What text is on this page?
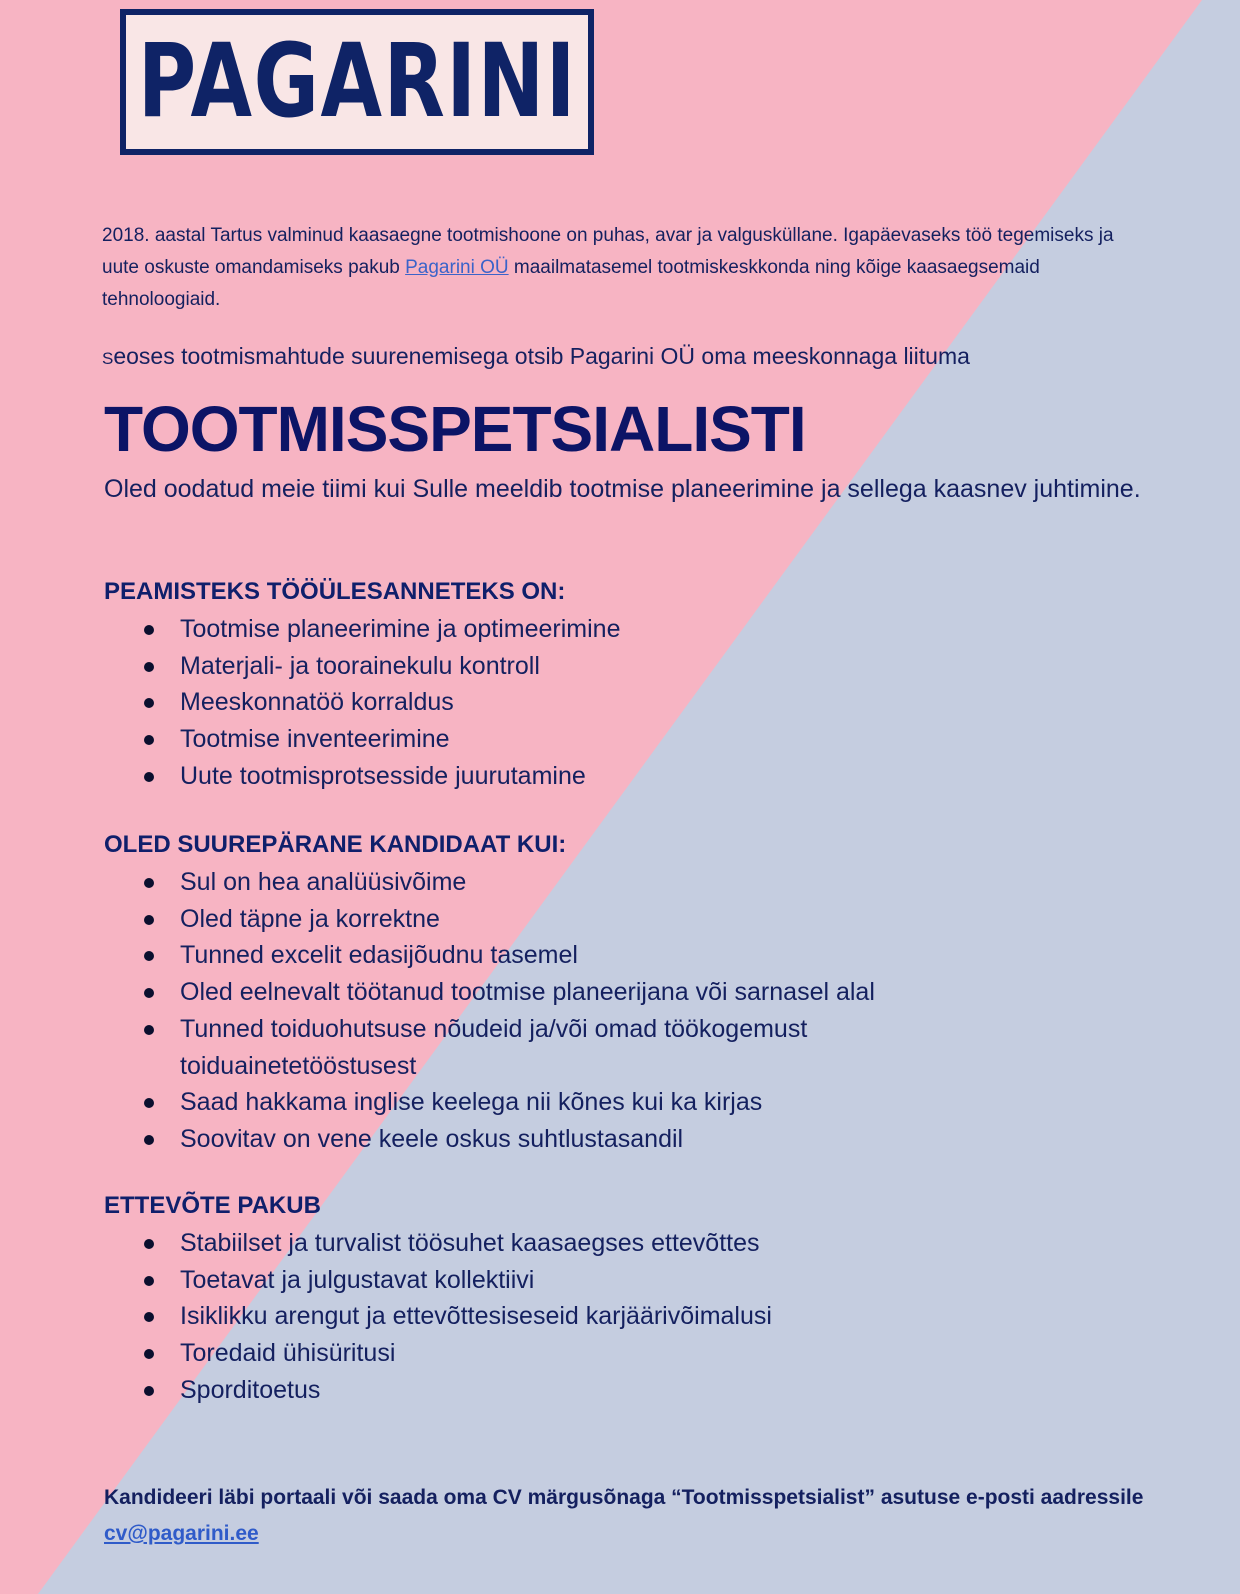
PAGARINI

2018. aastal Tartus valminud kaasaegne tootmishoone on puhas, avar ja valgusküllane. Igapäevaseks töö tegemiseks ja uute oskuste omandamiseks pakub Pagarini OÜ maailmatasemel tootmiskeskkonda ning kõige kaasaegsemaid tehnoloogiaid.

Seoses tootmismahtude suurenemisega otsib Pagarini OÜ oma meeskonnaga liituma
TOOTMISSPETSIALISTI
Oled oodatud meie tiimi kui Sulle meeldib tootmise planeerimine ja sellega kaasnev juhtimine.
PEAMISTEKS TÖÖÜLESANNETEKS ON:
Tootmise planeerimine ja optimeerimine
Materjali- ja toorainekulu kontroll
Meeskonnatöö korraldus
Tootmise inventeerimine
Uute tootmisprotsesside juurutamine
OLED SUUREPÄRANE KANDIDAAT KUI:
Sul on hea analüüsivõime
Oled täpne ja korrektne
Tunned excelit edasijõudnu tasemel
Oled eelnevalt töötanud tootmise planeerijana või sarnasel alal
Tunned toiduohutsuse nõudeid ja/või omad töökogemust toiduainetetööstusest
Saad hakkama inglise keelega nii kõnes kui ka kirjas
Soovitav on vene keele oskus suhtlustasandil
ETTEVÕTE PAKUB
Stabiilset ja turvalist töösuhet kaasaegses ettevõttes
Toetavat ja julgustavat kollektiivi
Isiklikku arengut ja ettevõttesiseseid karjäärivõimalusi
Toredaid ühisüritusi
Sporditoetus

Kandideeri läbi portaali või saada oma CV märgusõnaga “Tootmisspetsialist” asutuse e-posti aadressile cv@pagarini.ee
